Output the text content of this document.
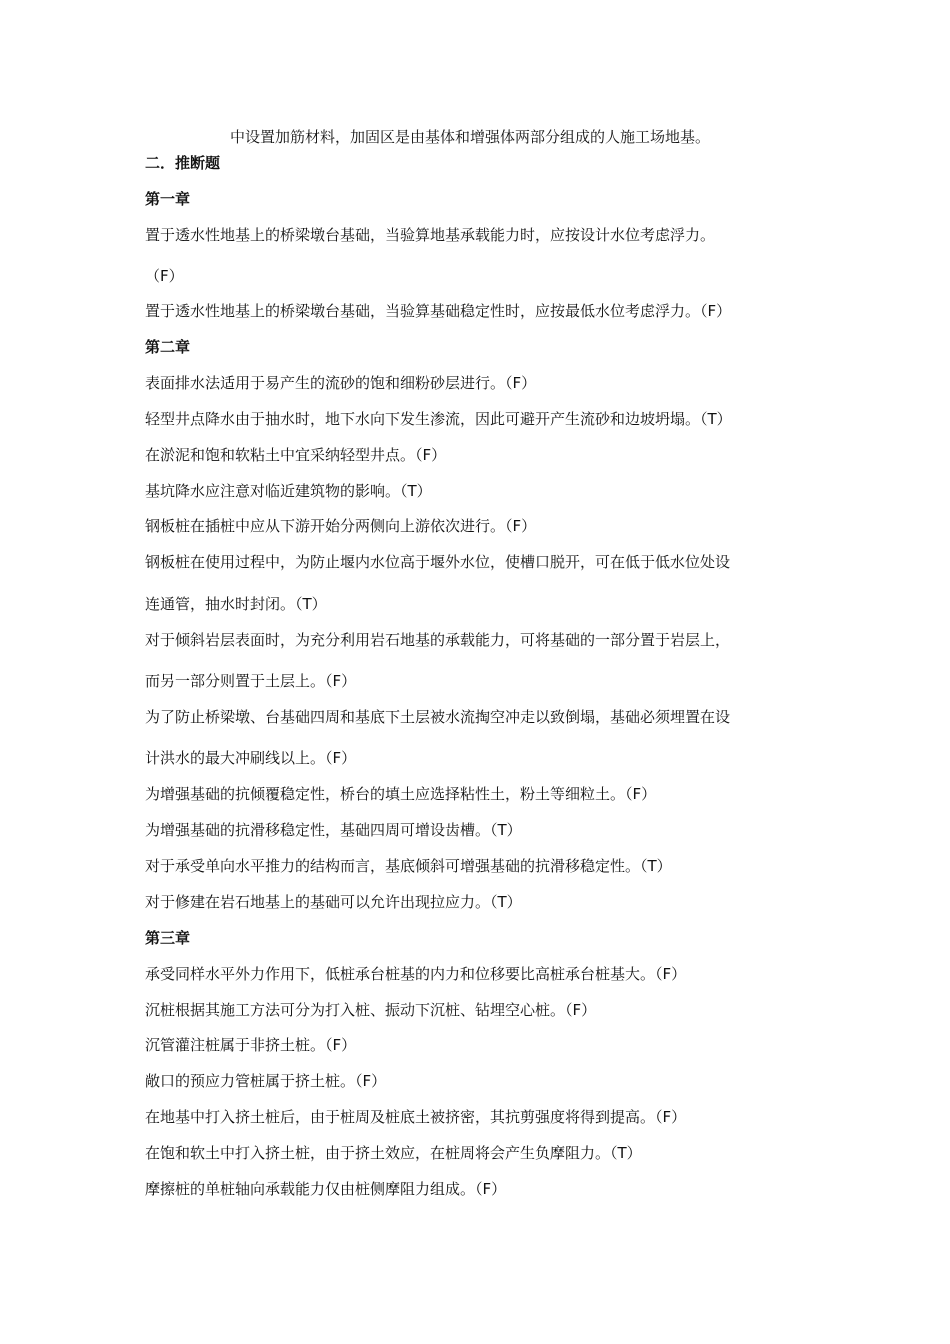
中设置加筋材料，加固区是由基体和增强体两部分组成的人施工场地基。
二．推断题
第一章
置于透水性地基上的桥梁墩台基础，当验算地基承载能力时，应按设计水位考虑浮力。
（F）
置于透水性地基上的桥梁墩台基础，当验算基础稳定性时，应按最低水位考虑浮力。（F）
第二章
表面排水法适用于易产生的流砂的饱和细粉砂层进行。（F）
轻型井点降水由于抽水时，地下水向下发生渗流，因此可避开产生流砂和边坡坍塌。（T）
在淤泥和饱和软粘土中宜采纳轻型井点。（F）
基坑降水应注意对临近建筑物的影响。（T）
钢板桩在插桩中应从下游开始分两侧向上游依次进行。（F）
钢板桩在使用过程中，为防止堰内水位高于堰外水位，使槽口脱开，可在低于低水位处设
连通管，抽水时封闭。（T）
对于倾斜岩层表面时，为充分利用岩石地基的承载能力，可将基础的一部分置于岩层上，
而另一部分则置于土层上。（F）
为了防止桥梁墩、台基础四周和基底下土层被水流掏空冲走以致倒塌，基础必须埋置在设
计洪水的最大冲刷线以上。（F）
为增强基础的抗倾覆稳定性，桥台的填土应选择粘性土，粉土等细粒土。（F）
为增强基础的抗滑移稳定性，基础四周可增设齿槽。（T）
对于承受单向水平推力的结构而言，基底倾斜可增强基础的抗滑移稳定性。（T）
对于修建在岩石地基上的基础可以允许出现拉应力。（T）
第三章
承受同样水平外力作用下，低桩承台桩基的内力和位移要比高桩承台桩基大。（F）
沉桩根据其施工方法可分为打入桩、振动下沉桩、钻埋空心桩。（F）
沉管灌注桩属于非挤土桩。（F）
敞口的预应力管桩属于挤土桩。（F）
在地基中打入挤土桩后，由于桩周及桩底土被挤密，其抗剪强度将得到提高。（F）
在饱和软土中打入挤土桩，由于挤土效应，在桩周将会产生负摩阻力。（T）
摩擦桩的单桩轴向承载能力仅由桩侧摩阻力组成。（F）
